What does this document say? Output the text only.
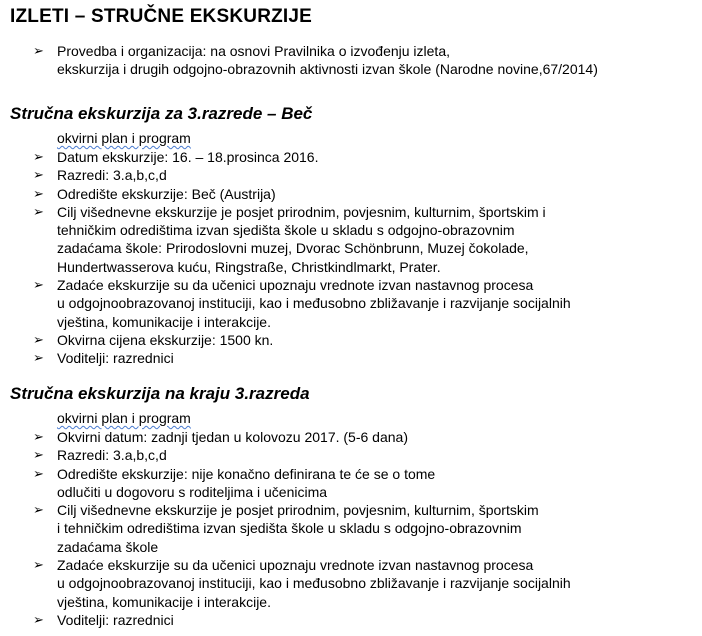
IZLETI – STRUČNE EKSKURZIJE
➢ Provedba i organizacija: na osnovi Pravilnika o izvođenju izleta,
ekskurzija i drugih odgojno-obrazovnih aktivnosti izvan škole (Narodne novine,67/2014)
Stručna ekskurzija za 3.razrede – Beč
okvirni plan i program
➢ Datum ekskurzije: 16. – 18.prosinca 2016.
➢ Razredi: 3.a,b,c,d
➢ Odredište ekskurzije: Beč (Austrija)
➢ Cilj višednevne ekskurzije je posjet prirodnim, povjesnim, kulturnim, športskim i
tehničkim odredištima izvan sjedišta škole u skladu s odgojno-obrazovnim
zadaćama škole: Prirodoslovni muzej, Dvorac Schönbrunn, Muzej čokolade,
Hundertwasserova kuću, Ringstraße, Christkindlmarkt, Prater.
➢ Zadaće ekskurzije su da učenici upoznaju vrednote izvan nastavnog procesa
u odgojnoobrazovanoj instituciji, kao i međusobno zbližavanje i razvijanje socijalnih
vještina, komunikacije i interakcije.
➢ Okvirna cijena ekskurzije: 1500 kn.
➢ Voditelji: razrednici
Stručna ekskurzija na kraju 3.razreda
okvirni plan i program
➢ Okvirni datum: zadnji tjedan u kolovozu 2017. (5-6 dana)
➢ Razredi: 3.a,b,c,d
➢ Odredište ekskurzije: nije konačno definirana te će se o tome
odlučiti u dogovoru s roditeljima i učenicima
➢ Cilj višednevne ekskurzije je posjet prirodnim, povjesnim, kulturnim, športskim
i tehničkim odredištima izvan sjedišta škole u skladu s odgojno-obrazovnim
zadaćama škole
➢ Zadaće ekskurzije su da učenici upoznaju vrednote izvan nastavnog procesa
u odgojnoobrazovanoj instituciji, kao i međusobno zbližavanje i razvijanje socijalnih
vještina, komunikacije i interakcije.
➢ Voditelji: razrednici
